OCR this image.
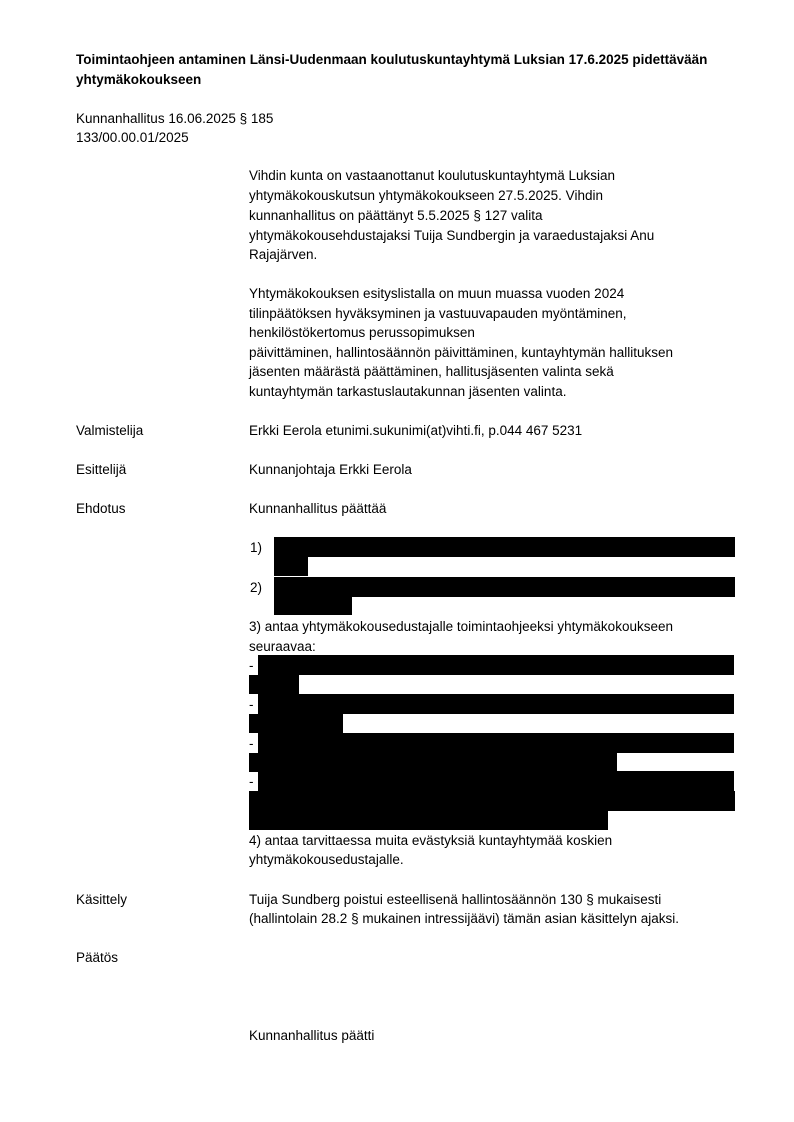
Toimintaohjeen antaminen Länsi-Uudenmaan koulutuskuntayhtymä Luksian 17.6.2025 pidettävään
yhtymäkokoukseen
Kunnanhallitus 16.06.2025 § 185
133/00.00.01/2025
Vihdin kunta on vastaanottanut koulutuskuntayhtymä Luksian
yhtymäkokouskutsun yhtymäkokoukseen 27.5.2025. Vihdin
kunnanhallitus on päättänyt 5.5.2025 § 127 valita
yhtymäkokousehdustajaksi Tuija Sundbergin ja varaedustajaksi Anu
Rajajärven.
Yhtymäkokouksen esityslistalla on muun muassa vuoden 2024
tilinpäätöksen hyväksyminen ja vastuuvapauden myöntäminen,
henkilöstökertomus perussopimuksen
päivittäminen, hallintosäännön päivittäminen, kuntayhtymän hallituksen
jäsenten määrästä päättäminen, hallitusjäsenten valinta sekä
kuntayhtymän tarkastuslautakunnan jäsenten valinta.
Valmistelija	Erkki Eerola etunimi.sukunimi(at)vihti.fi, p.044 467 5231
Esittelijä	Kunnanjohtaja Erkki Eerola
Ehdotus	Kunnanhallitus päättää
1)
2)
3) antaa yhtymäkokousedustajalle toimintaohjeeksi yhtymäkokoukseen
seuraavaa:
-
-
-
-
4) antaa tarvittaessa muita evästyksiä kuntayhtymää koskien
yhtymäkokousedustajalle.
Käsittely	Tuija Sundberg poistui esteellisenä hallintosäännön 130 § mukaisesti
(hallintolain 28.2 § mukainen intressijäävi) tämän asian käsittelyn ajaksi.
Päätös
Kunnanhallitus päätti
